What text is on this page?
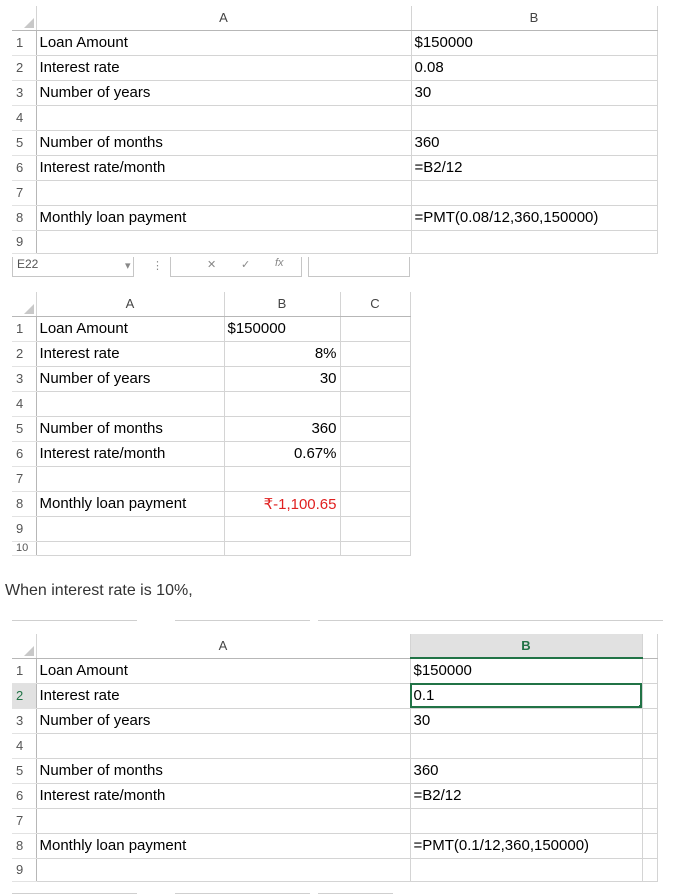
	A	B
1	Loan Amount	$150000
2	Interest rate	0.08
3	Number of years	30
4		
5	Number of months	360
6	Interest rate/month	=B2/12
7		
8	Monthly loan payment	=PMT(0.08/12,360,150000)
9		
E22	▾ ⋮	✕ ✓ fx
	A	B	C
1	Loan Amount	$150000	
2	Interest rate	8%	
3	Number of years	30	
4			
5	Number of months	360	
6	Interest rate/month	0.67%	
7			
8	Monthly loan payment	₹-1,100.65	
9			
10			
When interest rate is 10%,
	A	B	
1	Loan Amount	$150000	
2	Interest rate	0.1

3	Number of years	30	
4			
5	Number of months	360	
6	Interest rate/month	=B2/12	
7			
8	Monthly loan payment	=PMT(0.1/12,360,150000)	
9			
